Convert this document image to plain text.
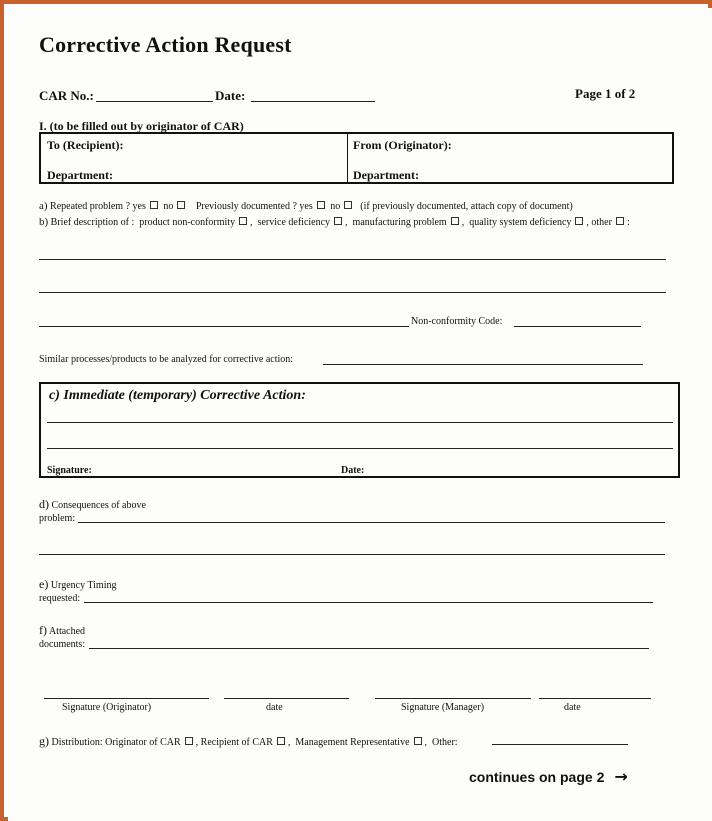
Corrective Action Request
CAR No.:	Date:	Page 1 of 2
I. (to be filled out by originator of CAR)
To (Recipient):	From (Originator):
Department:	Department:
a) Repeated problem ? yes no Previously documented ? yes no (if previously documented, attach copy of document)
b) Brief description of : product non-conformity ,  service deficiency ,  manufacturing problem ,  quality system deficiency , other :
Non-conformity Code:
Similar processes/products to be analyzed for corrective action:
c) Immediate (temporary) Corrective Action:
Signature:	Date:
d) Consequences of above
problem:
e) Urgency Timing
requested:
f) Attached
documents:
Signature (Originator)	date	Signature (Manager)	date
g) Distribution: Originator of CAR , Recipient of CAR ,  Management Representative ,  Other:
continues on page 2 →
